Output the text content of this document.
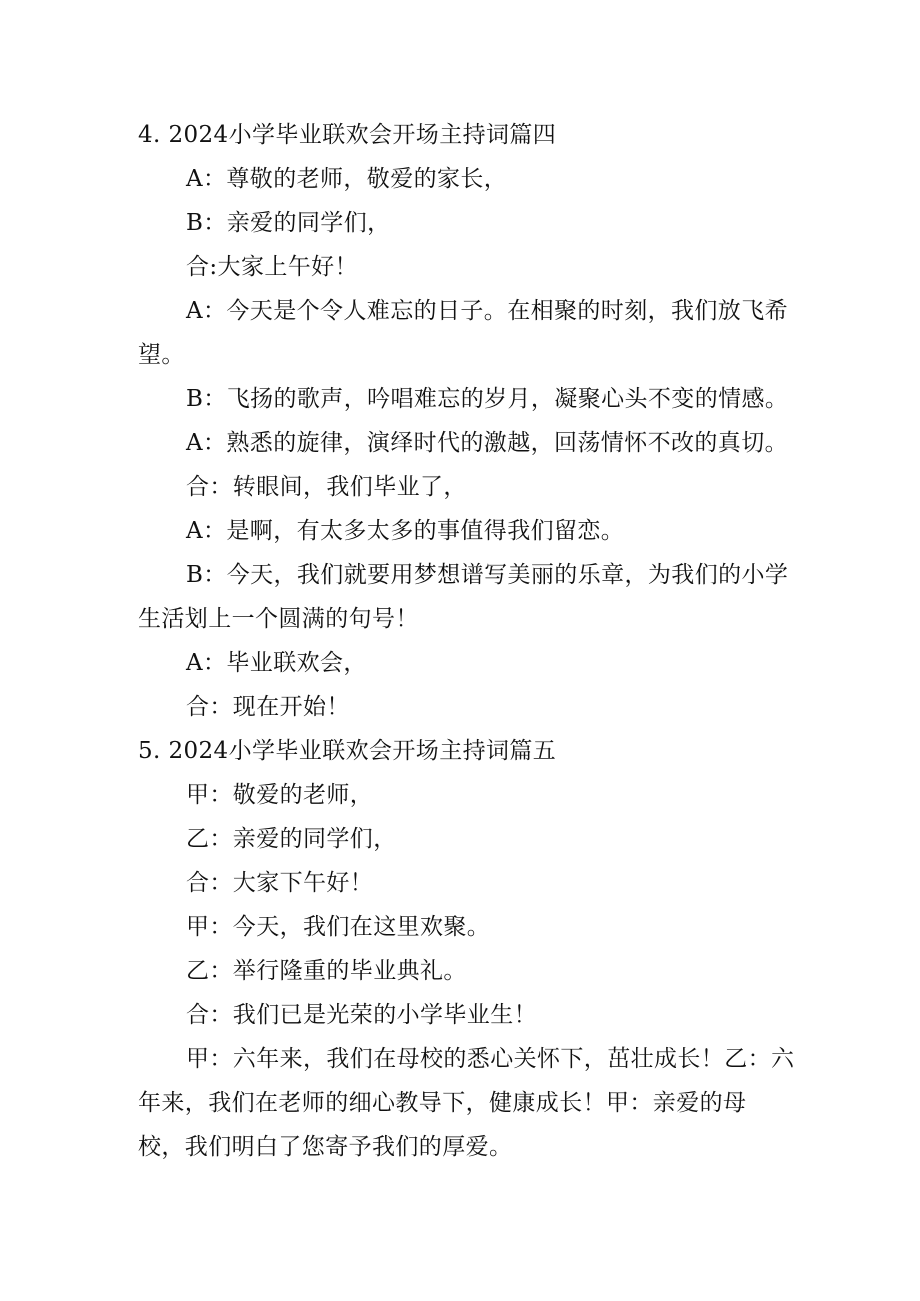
4. 2024小学毕业联欢会开场主持词篇四
A：尊敬的老师，敬爱的家长，
B：亲爱的同学们，
合:大家上午好！
A：今天是个令人难忘的日子。在相聚的时刻，我们放飞希
望。
B：飞扬的歌声，吟唱难忘的岁月，凝聚心头不变的情感。
A：熟悉的旋律，演绎时代的激越，回荡情怀不改的真切。
合：转眼间，我们毕业了，
A：是啊，有太多太多的事值得我们留恋。
B：今天，我们就要用梦想谱写美丽的乐章，为我们的小学
生活划上一个圆满的句号！
A：毕业联欢会，
合：现在开始！
5. 2024小学毕业联欢会开场主持词篇五
甲：敬爱的老师，
乙：亲爱的同学们，
合：大家下午好！
甲：今天，我们在这里欢聚。
乙：举行隆重的毕业典礼。
合：我们已是光荣的小学毕业生！
甲：六年来，我们在母校的悉心关怀下，茁壮成长！乙：六
年来，我们在老师的细心教导下，健康成长！甲：亲爱的母
校，我们明白了您寄予我们的厚爱。
